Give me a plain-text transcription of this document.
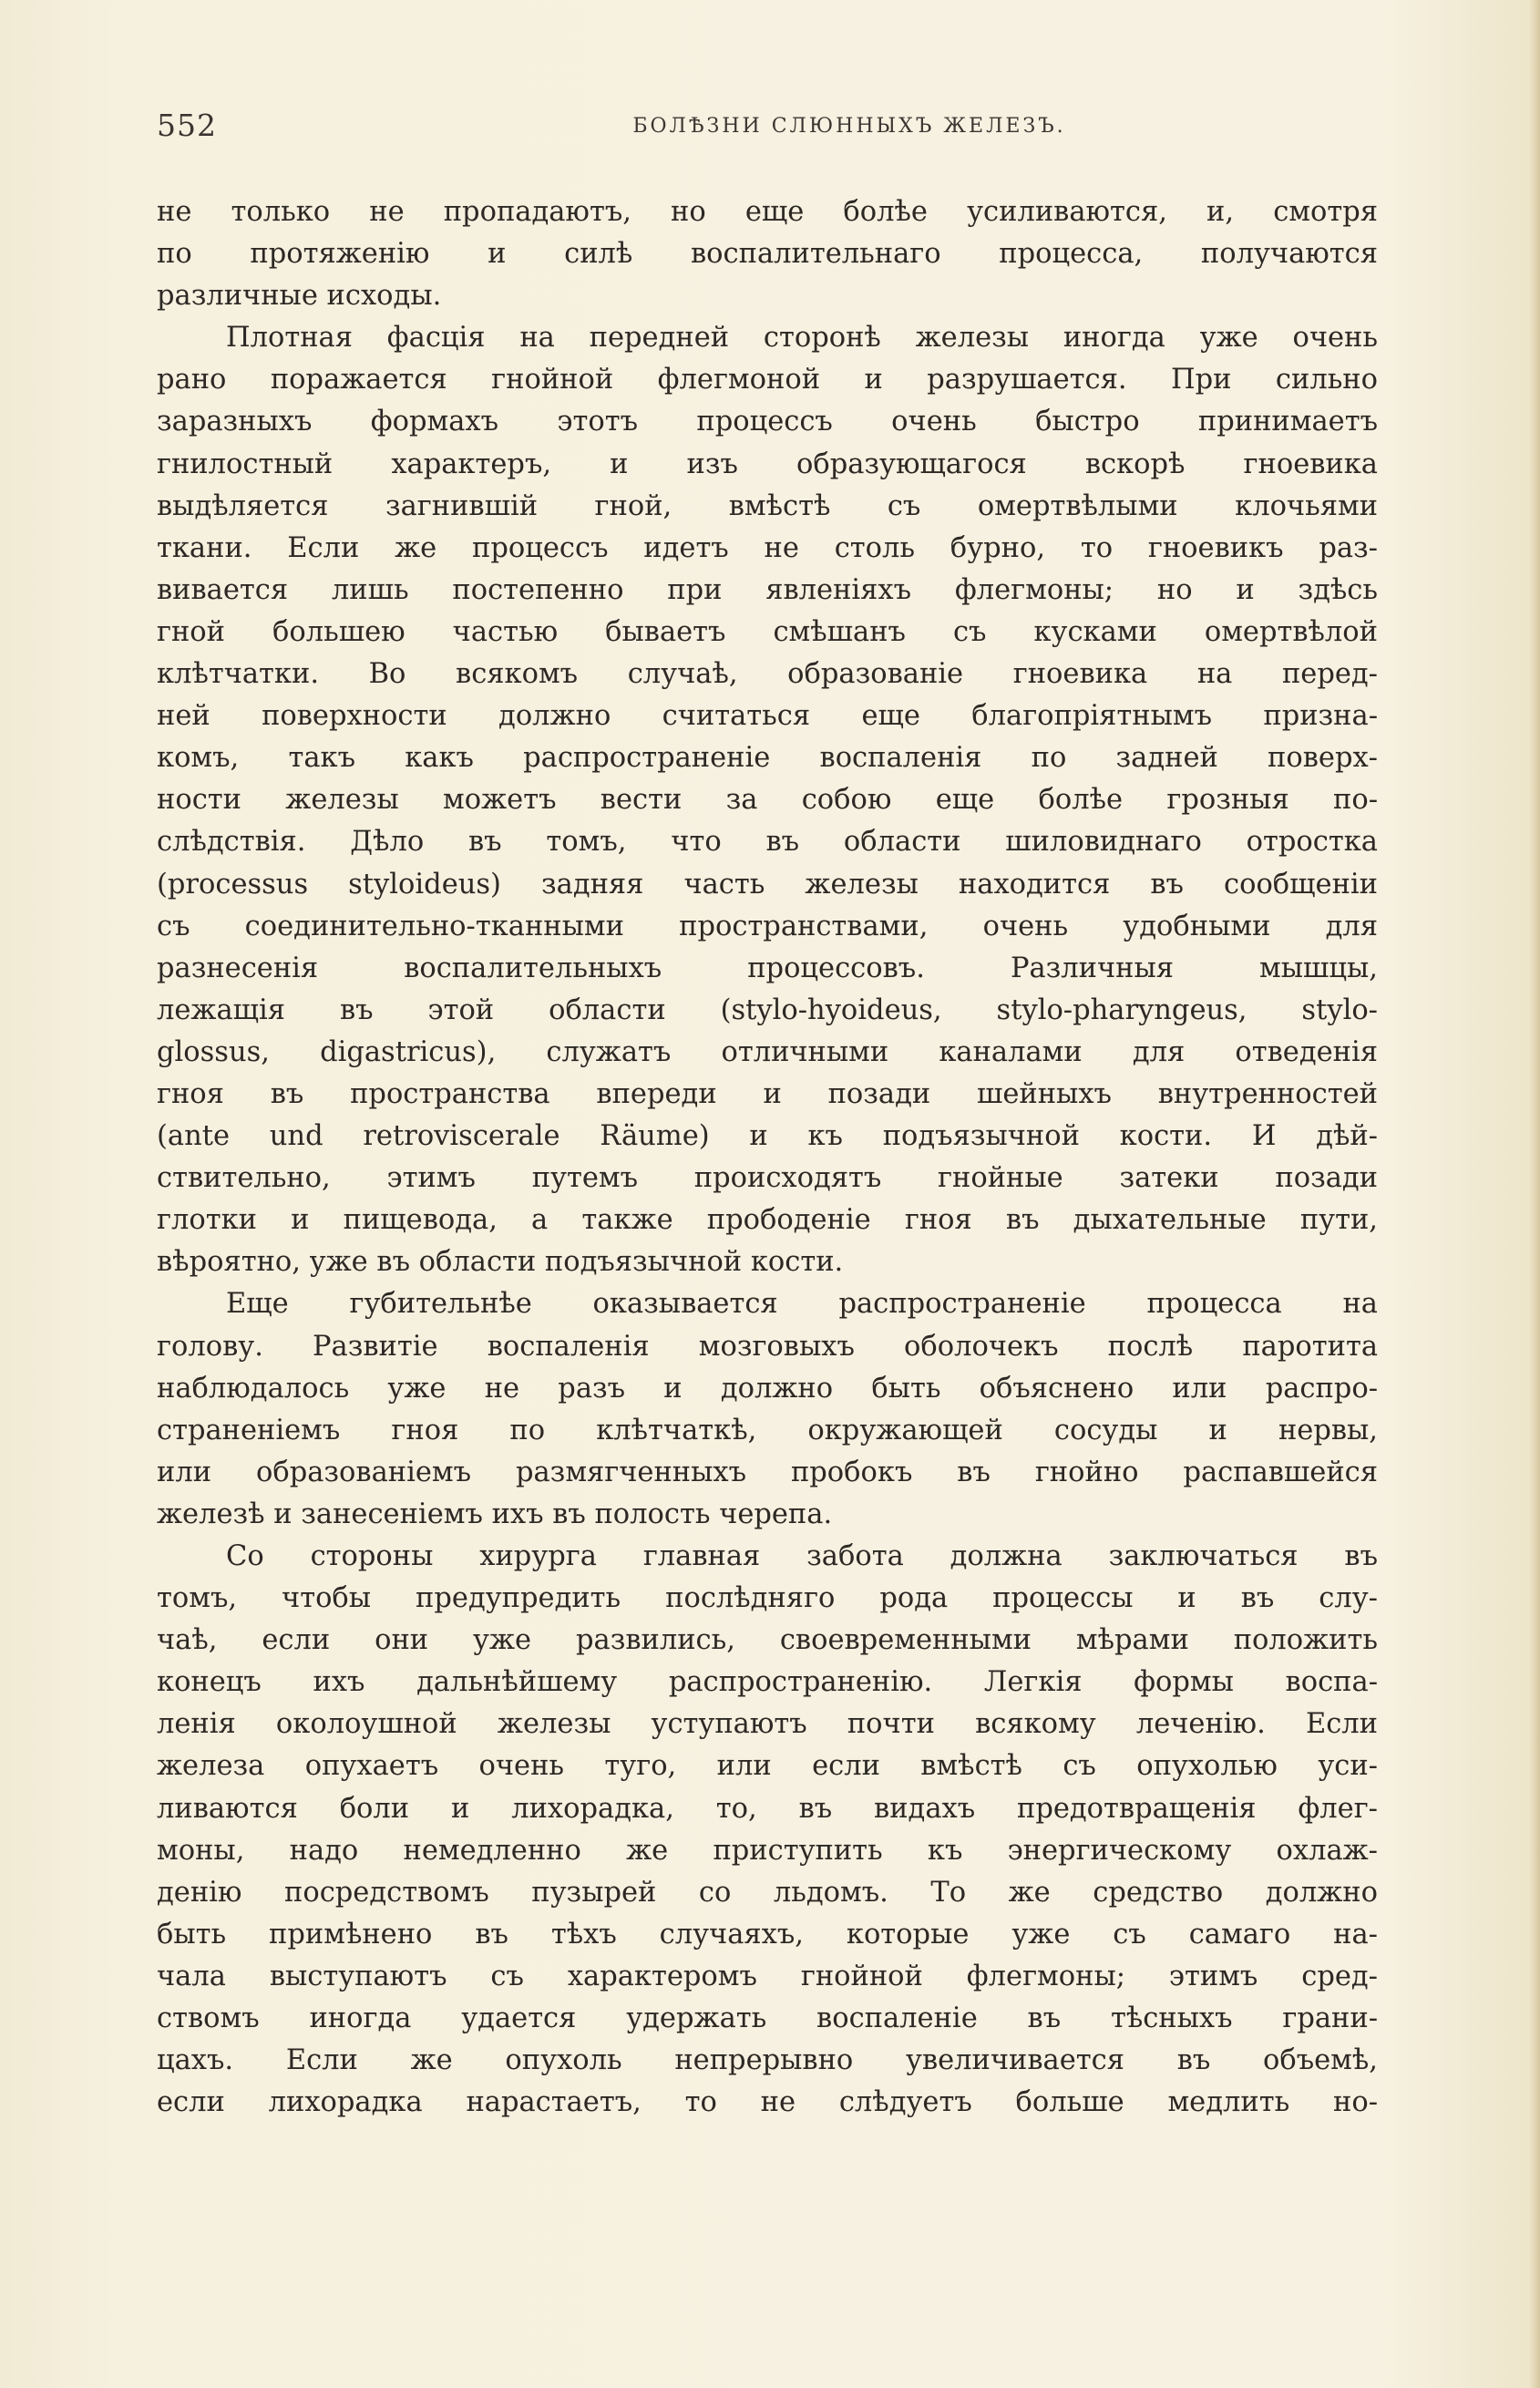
552	БОЛѢЗНИ СЛЮННЫХЪ ЖЕЛЕЗЪ.
не только не пропадаютъ, но еще болѣе усиливаются, и, смотря
по протяженію и силѣ воспалительнаго процесса, получаются
различные исходы.
Плотная фасція на передней сторонѣ железы иногда уже очень
рано поражается гнойной флегмоной и разрушается. При сильно
заразныхъ формахъ этотъ процессъ очень быстро принимаетъ
гнилостный характеръ, и изъ образующагося вскорѣ гноевика
выдѣляется загнившій гной, вмѣстѣ съ омертвѣлыми клочьями
ткани. Если же процессъ идетъ не столь бурно, то гноевикъ раз-
вивается лишь постепенно при явленіяхъ флегмоны; но и здѣсь
гной большею частью бываетъ смѣшанъ съ кусками омертвѣлой
клѣтчатки. Во всякомъ случаѣ, образованіе гноевика на перед-
ней поверхности должно считаться еще благопріятнымъ призна-
комъ, такъ какъ распространеніе воспаленія по задней поверх-
ности железы можетъ вести за собою еще болѣе грозныя по-
слѣдствія. Дѣло въ томъ, что въ области шиловиднаго отростка
(processus styloideus) задняя часть железы находится въ сообщеніи
съ соединительно-тканными пространствами, очень удобными для
разнесенія воспалительныхъ процессовъ. Различныя мышцы,
лежащія въ этой области (stylo-hyoideus, stylo-pharyngeus, stylo-
glossus, digastricus), служатъ отличными каналами для отведенія
гноя въ пространства впереди и позади шейныхъ внутренностей
(ante und retroviscerale Räume) и къ подъязычной кости. И дѣй-
ствительно, этимъ путемъ происходятъ гнойные затеки позади
глотки и пищевода, а также прободеніе гноя въ дыхательные пути,
вѣроятно, уже въ области подъязычной кости.
Еще губительнѣе оказывается распространеніе процесса на
голову. Развитіе воспаленія мозговыхъ оболочекъ послѣ паротита
наблюдалось уже не разъ и должно быть объяснено или распро-
страненіемъ гноя по клѣтчаткѣ, окружающей сосуды и нервы,
или образованіемъ размягченныхъ пробокъ въ гнойно распавшейся
железѣ и занесеніемъ ихъ въ полость черепа.
Со стороны хирурга главная забота должна заключаться въ
томъ, чтобы предупредить послѣдняго рода процессы и въ слу-
чаѣ, если они уже развились, своевременными мѣрами положить
конецъ ихъ дальнѣйшему распространенію. Легкія формы воспа-
ленія околоушной железы уступаютъ почти всякому леченію. Если
железа опухаетъ очень туго, или если вмѣстѣ съ опухолью уси-
ливаются боли и лихорадка, то, въ видахъ предотвращенія флег-
моны, надо немедленно же приступить къ энергическому охлаж-
денію посредствомъ пузырей со льдомъ. То же средство должно
быть примѣнено въ тѣхъ случаяхъ, которые уже съ самаго на-
чала выступаютъ съ характеромъ гнойной флегмоны; этимъ сред-
ствомъ иногда удается удержать воспаленіе въ тѣсныхъ грани-
цахъ. Если же опухоль непрерывно увеличивается въ объемѣ,
если лихорадка нарастаетъ, то не слѣдуетъ больше медлить но-
